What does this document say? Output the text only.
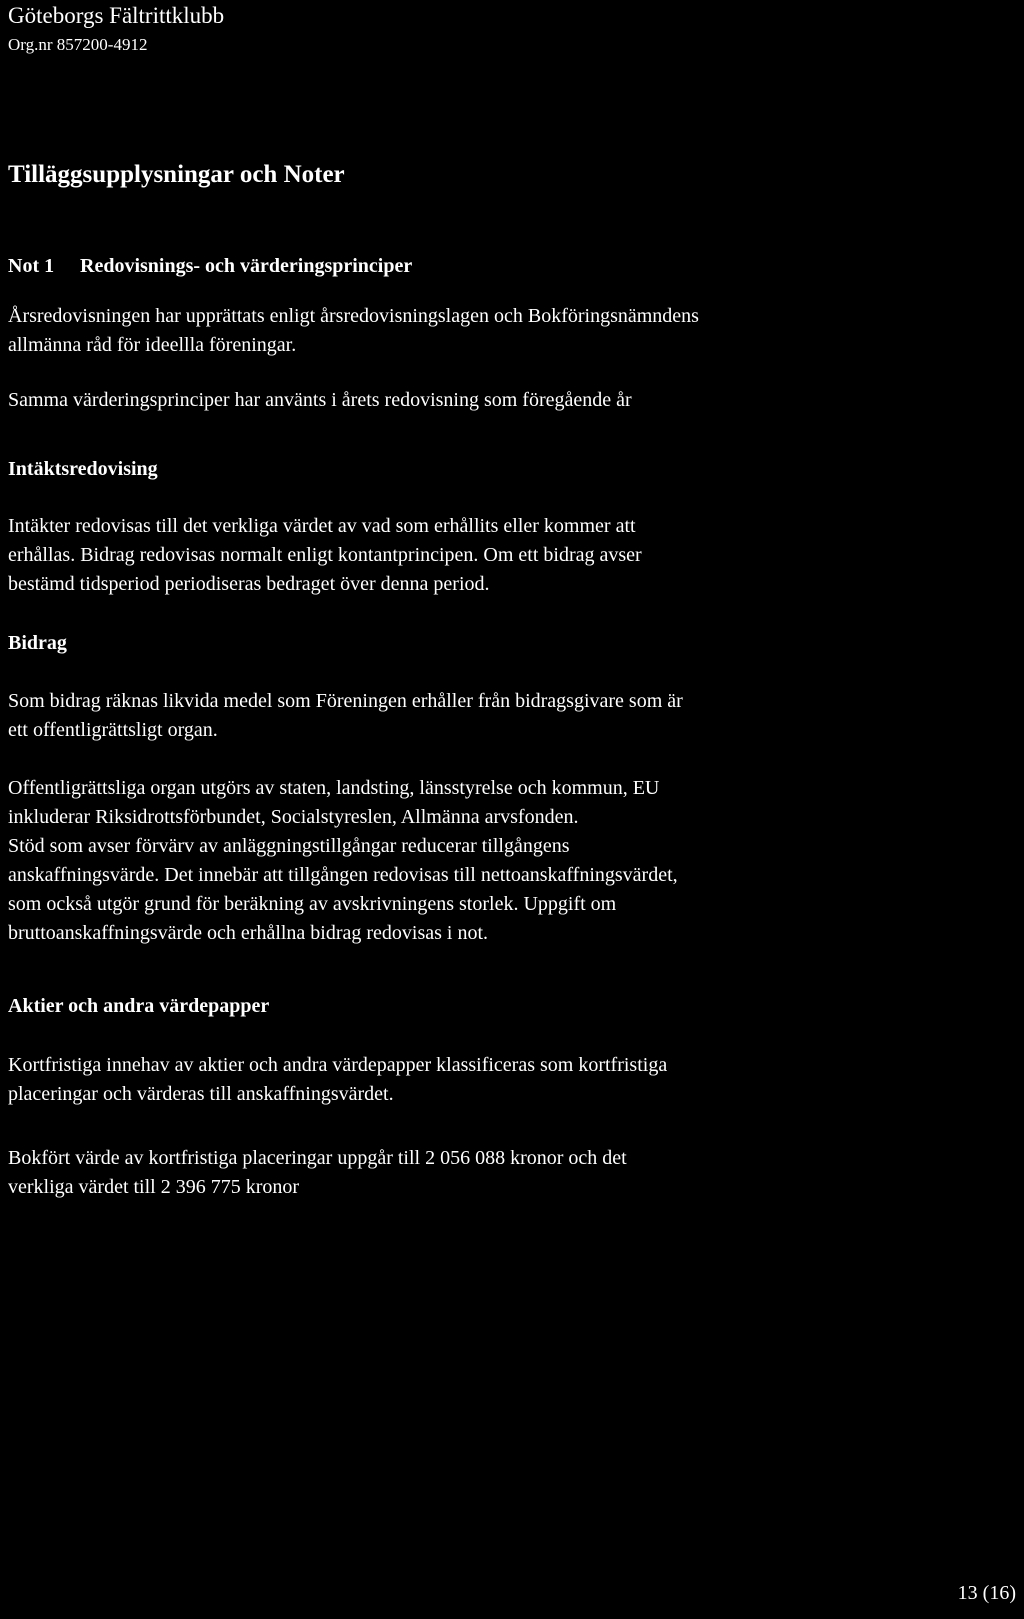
Göteborgs Fältrittklubb

Org.nr 857200-4912

Tilläggsupplysningar och Noter
Not 1 Redovisnings- och värderingsprinciper

Årsredovisningen har upprättats enligt årsredovisningslagen och Bokföringsnämndens
allmänna råd för ideellla föreningar.

Samma värderingsprinciper har använts i årets redovisning som föregående år

Intäktsredovising

Intäkter redovisas till det verkliga värdet av vad som erhållits eller kommer att
erhållas. Bidrag redovisas normalt enligt kontantprincipen. Om ett bidrag avser
bestämd tidsperiod periodiseras bedraget över denna period.

Bidrag

Som bidrag räknas likvida medel som Föreningen erhåller från bidragsgivare som är
ett offentligrättsligt organ.

Offentligrättsliga organ utgörs av staten, landsting, länsstyrelse och kommun, EU
inkluderar Riksidrottsförbundet, Socialstyreslen, Allmänna arvsfonden.
Stöd som avser förvärv av anläggningstillgångar reducerar tillgångens
anskaffningsvärde. Det innebär att tillgången redovisas till nettoanskaffningsvärdet,
som också utgör grund för beräkning av avskrivningens storlek. Uppgift om
bruttoanskaffningsvärde och erhållna bidrag redovisas i not.

Aktier och andra värdepapper

Kortfristiga innehav av aktier och andra värdepapper klassificeras som kortfristiga
placeringar och värderas till anskaffningsvärdet.

Bokfört värde av kortfristiga placeringar uppgår till 2 056 088 kronor och det
verkliga värdet till 2 396 775 kronor

13 (16)
